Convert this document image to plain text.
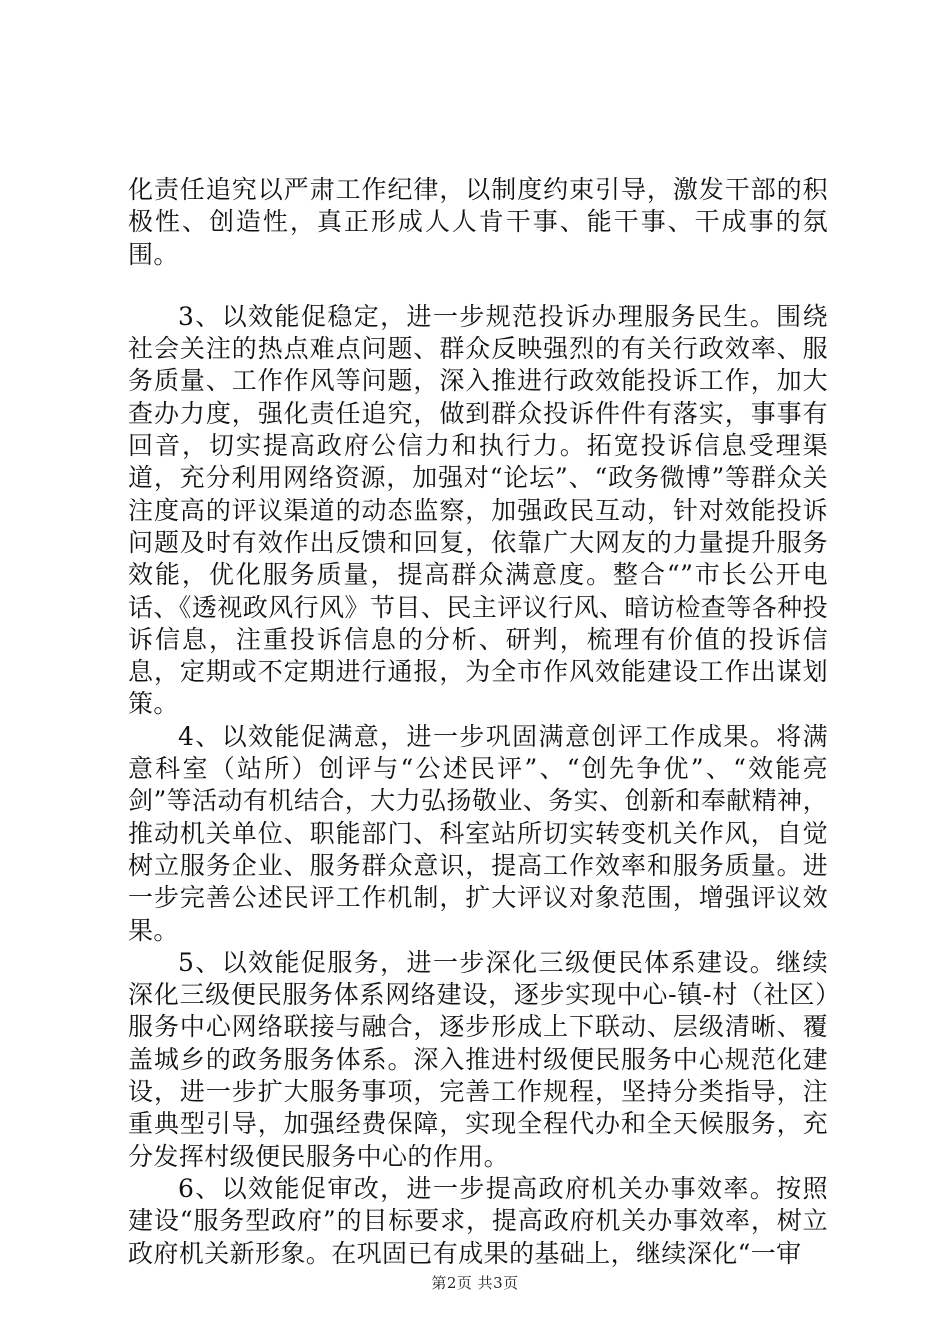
化责任追究以严肃工作纪律，以制度约束引导，激发干部的积极性、创造性，真正形成人人肯干事、能干事、干成事的氛围。

3、以效能促稳定，进一步规范投诉办理服务民生。围绕社会关注的热点难点问题、群众反映强烈的有关行政效率、服务质量、工作作风等问题，深入推进行政效能投诉工作，加大查办力度，强化责任追究，做到群众投诉件件有落实，事事有回音，切实提高政府公信力和执行力。拓宽投诉信息受理渠道，充分利用网络资源，加强对“论坛”、“政务微博”等群众关注度高的评议渠道的动态监察，加强政民互动，针对效能投诉问题及时有效作出反馈和回复，依靠广大网友的力量提升服务效能，优化服务质量，提高群众满意度。整合“”市长公开电话、《透视政风行风》节目、民主评议行风、暗访检查等各种投诉信息，注重投诉信息的分析、研判，梳理有价值的投诉信息，定期或不定期进行通报，为全市作风效能建设工作出谋划策。

4、以效能促满意，进一步巩固满意创评工作成果。将满意科室（站所）创评与“公述民评”、“创先争优”、“效能亮剑”等活动有机结合，大力弘扬敬业、务实、创新和奉献精神，推动机关单位、职能部门、科室站所切实转变机关作风，自觉树立服务企业、服务群众意识，提高工作效率和服务质量。进一步完善公述民评工作机制，扩大评议对象范围，增强评议效果。

5、以效能促服务，进一步深化三级便民体系建设。继续深化三级便民服务体系网络建设，逐步实现中心-镇-村（社区）服务中心网络联接与融合，逐步形成上下联动、层级清晰、覆盖城乡的政务服务体系。深入推进村级便民服务中心规范化建设，进一步扩大服务事项，完善工作规程，坚持分类指导，注重典型引导，加强经费保障，实现全程代办和全天候服务，充分发挥村级便民服务中心的作用。

6、以效能促审改，进一步提高政府机关办事效率。按照建设“服务型政府”的目标要求，提高政府机关办事效率，树立政府机关新形象。在巩固已有成果的基础上，继续深化“一审

第2页 共3页
